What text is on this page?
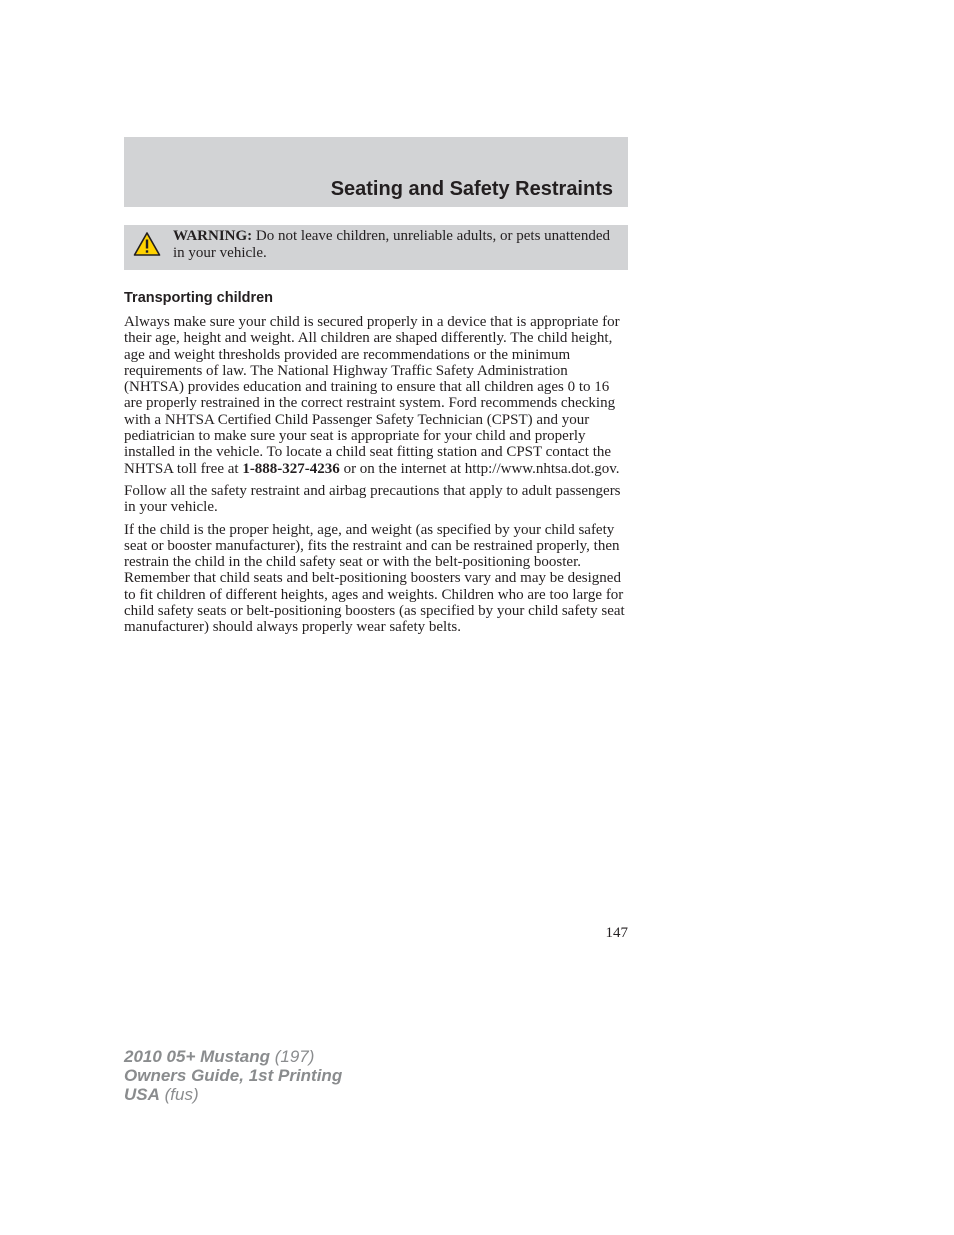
Seating and Safety Restraints
WARNING: Do not leave children, unreliable adults, or pets unattended in your vehicle.
Transporting children

Always make sure your child is secured properly in a device that is appropriate for their age, height and weight. All children are shaped differently. The child height, age and weight thresholds provided are recommendations or the minimum requirements of law. The National Highway Traffic Safety Administration (NHTSA) provides education and training to ensure that all children ages 0 to 16 are properly restrained in the correct restraint system. Ford recommends checking with a NHTSA Certified Child Passenger Safety Technician (CPST) and your pediatrician to make sure your seat is appropriate for your child and properly installed in the vehicle. To locate a child seat fitting station and CPST contact the NHTSA toll free at 1-888-327-4236 or on the internet at http://www.nhtsa.dot.gov.

Follow all the safety restraint and airbag precautions that apply to adult passengers in your vehicle.

If the child is the proper height, age, and weight (as specified by your child safety seat or booster manufacturer), fits the restraint and can be restrained properly, then restrain the child in the child safety seat or with the belt-positioning booster. Remember that child seats and belt-positioning boosters vary and may be designed to fit children of different heights, ages and weights. Children who are too large for child safety seats or belt-positioning boosters (as specified by your child safety seat manufacturer) should always properly wear safety belts.

147
2010 05+ Mustang (197)
Owners Guide, 1st Printing
USA (fus)
